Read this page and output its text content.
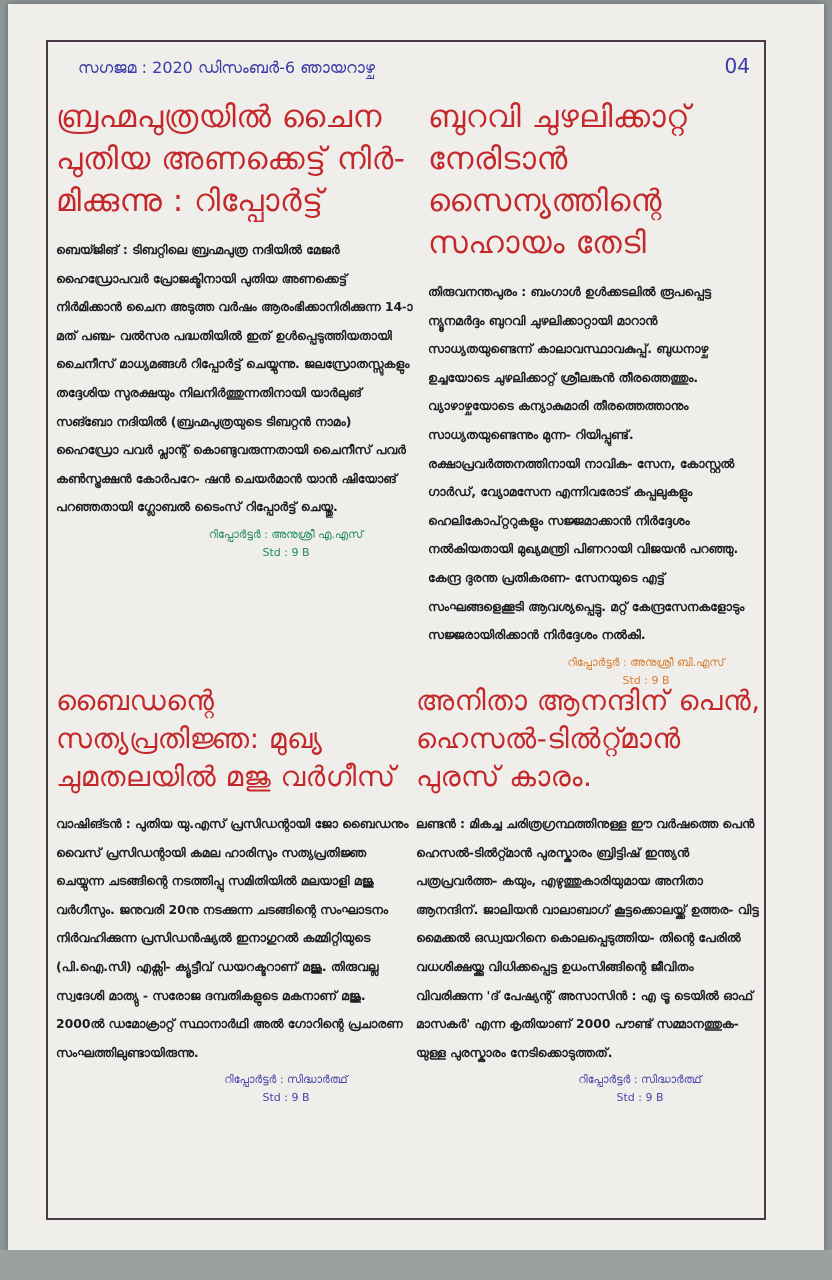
സഗജമ : 2020 ഡിസംബർ-6 ഞായറാഴ്ച	04
ബ്രഹ്മപുത്രയിൽ ചൈന പുതിയ അണക്കെട്ട് നിർ- മിക്കുന്നു : റിപ്പോർട്ട്
ബെയ്ജിങ് : ടിബറ്റിലെ ബ്രഹ്മപുത്ര നദിയിൽ മേജർ ഹൈഡ്രോപവർ പ്രോജക്ടിനായി പുതിയ അണക്കെട്ട് നിർമിക്കാൻ ചൈന അടുത്ത വർഷം ആരംഭിക്കാനിരിക്കുന്ന 14-ാമത് പഞ്ച- വൽസര പദ്ധതിയിൽ ഇത് ഉൾപ്പെടുത്തിയതായി ചൈനീസ് മാധ്യമങ്ങൾ റിപ്പോർട്ട് ചെയ്യുന്നു. ജലസ്രോതസ്സുകളും തദ്ദേശിയ സുരക്ഷയും നിലനിർത്തുന്നതിനായി യാർലുങ് സങ്ബോ നദിയിൽ (ബ്രഹ്മപുത്രയുടെ ടിബറ്റൻ നാമം) ഹൈഡ്രോ പവർ പ്ലാന്റ് കൊണ്ടുവരുന്നതായി ചൈനീസ് പവർ കൺസ്ട്രക്ഷൻ കോർപറേ- ഷൻ ചെയർമാൻ യാൻ ഷിയോങ് പറഞ്ഞതായി ഗ്ലോബൽ ടൈംസ് റിപ്പോർട്ട് ചെയ്തു.
റിപ്പോർട്ടർ : അനുശ്രീ എ.എസ്
Std : 9 B
ബുറവി ചുഴലിക്കാറ്റ് നേരിടാൻ സൈന്യത്തിന്റെ സഹായം തേടി
തിരുവനന്തപുരം : ബംഗാൾ ഉൾക്കടലിൽ രൂപപ്പെട്ട ന്യൂനമർദ്ദം ബുറവി ചുഴലിക്കാറ്റായി മാറാൻ സാധ്യതയുണ്ടെന്ന് കാലാവസ്ഥാവകുപ്പ്. ബുധനാഴ്ച ഉച്ചയോടെ ചുഴലിക്കാറ്റ് ശ്രീലങ്കൻ തീരത്തെത്തും. വ്യാഴാഴ്ചയോടെ കന്യാകുമാരി തീരത്തെത്താനും സാധ്യതയുണ്ടെന്നും മുന്ന- റിയിപ്പുണ്ട്. രക്ഷാപ്രവർത്തനത്തിനായി നാവിക- സേന, കോസ്റ്റൽ ഗാർഡ്, വ്യോമസേന എന്നിവരോട് കപ്പലുകളും ഹെലികോപ്റ്ററുകളും സജ്ജമാക്കാൻ നിർദ്ദേശം നൽകിയതായി മുഖ്യമന്ത്രി പിണറായി വിജയൻ പറഞ്ഞു. കേന്ദ്ര ദുരന്ത പ്രതികരണ- സേനയുടെ എട്ട് സംഘങ്ങളെക്കൂടി ആവശ്യപ്പെട്ടു. മറ്റ് കേന്ദ്രസേനകളോടും സജ്ജരായിരിക്കാൻ നിർദ്ദേശം നൽകി.
റിപ്പോർട്ടർ : അനുശ്രീ ബി.എസ്
Std : 9 B
ബൈഡന്റെ സത്യപ്രതിജ്ഞ: മുഖ്യ ചുമതലയിൽ മജു വർഗീസ്
വാഷിങ്ടൻ : പുതിയ യു.എസ് പ്രസിഡന്റായി ജോ ബൈഡനും വൈസ് പ്രസിഡന്റായി കമല ഹാരിസും സത്യപ്രതിജ്ഞ ചെയ്യുന്ന ചടങ്ങിന്റെ നടത്തിപ്പു സമിതിയിൽ മലയാളി മജു വർഗീസും. ജനുവരി 20നു നടക്കുന്ന ചടങ്ങിന്റെ സംഘാടനം നിർവഹിക്കുന്ന പ്രസിഡൻഷ്യൽ ഇനാഗുറൽ കമ്മിറ്റിയുടെ (പി.ഐ.സി) എക്സി- ക്യൂട്ടീവ് ഡയറക്ടറാണ് മജു. തിരുവല്ല സ്വദേശി മാത്യു - സരോജ ദമ്പതികളുടെ മകനാണ് മജു. 2000ൽ ഡമോക്രാറ്റ് സ്ഥാനാർഥി അൽ ഗോറിന്റെ പ്രചാരണ സംഘത്തിലുണ്ടായിരുന്നു.
റിപ്പോർട്ടർ : സിദ്ധാർത്ഥ്
Std : 9 B
അനിതാ ആനന്ദിന് പെൻ, ഹെസൽ-ടിൽറ്റ്മാൻ പുരസ് കാരം.
ലണ്ടൻ : മികച്ച ചരിത്രഗ്രന്ഥത്തിനുള്ള ഈ വർഷത്തെ പെൻ ഹെസൽ-ടിൽറ്റ്മാൻ പുരസ്കാരം ബ്രിട്ടിഷ് ഇന്ത്യൻ പത്രപ്രവർത്ത- കയും, എഴുത്തുകാരിയുമായ അനിതാ ആനന്ദിന്. ജാലിയൻ വാലാബാഗ് കൂട്ടക്കൊലയ്ക്ക് ഉത്തര- വിട്ട മൈക്കൽ ഒഡ്വയറിനെ കൊലപ്പെടുത്തിയ- തിന്റെ പേരിൽ വധശിക്ഷയ്ക്കു വിധിക്കപ്പെട്ട ഉധംസിങ്ങിന്റെ ജീവിതം വിവരിക്കുന്ന 'ദ് പേഷ്യന്റ് അസാസിൻ : എ ട്രൂ ടെയിൽ ഓഫ് മാസകർ' എന്ന കൃതിയാണ് 2000 പൗണ്ട് സമ്മാനത്തുക- യുള്ള പുരസ്കാരം നേടിക്കൊടുത്തത്.
റിപ്പോർട്ടർ : സിദ്ധാർത്ഥ്
Std : 9 B
